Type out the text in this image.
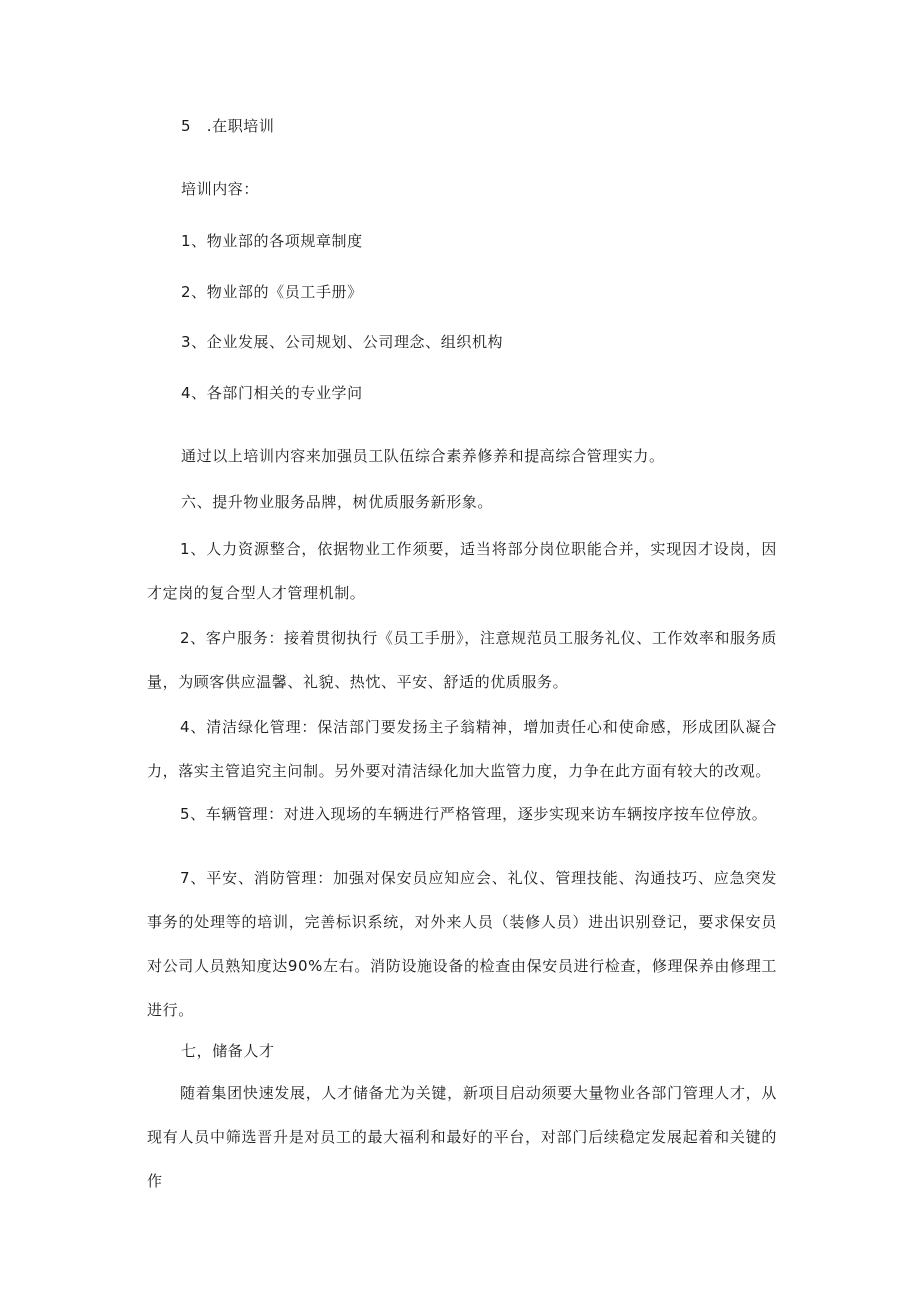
5　.在职培训
培训内容：
1、物业部的各项规章制度
2、物业部的《员工手册》
3、企业发展、公司规划、公司理念、组织机构
4、各部门相关的专业学问
通过以上培训内容来加强员工队伍综合素养修养和提高综合管理实力。
六、提升物业服务品牌，树优质服务新形象。
1、人力资源整合，依据物业工作须要，适当将部分岗位职能合并，实现因才设岗，因才定岗的复合型人才管理机制。
2、客户服务：接着贯彻执行《员工手册》，注意规范员工服务礼仪、工作效率和服务质量，为顾客供应温馨、礼貌、热忱、平安、舒适的优质服务。
4、清洁绿化管理：保洁部门要发扬主子翁精神，增加责任心和使命感，形成团队凝合力，落实主管追究主问制。另外要对清洁绿化加大监管力度，力争在此方面有较大的改观。
5、车辆管理：对进入现场的车辆进行严格管理，逐步实现来访车辆按序按车位停放。
7、平安、消防管理：加强对保安员应知应会、礼仪、管理技能、沟通技巧、应急突发事务的处理等的培训，完善标识系统，对外来人员（装修人员）进出识别登记，要求保安员对公司人员熟知度达90%左右。消防设施设备的检查由保安员进行检查，修理保养由修理工进行。
七，储备人才
随着集团快速发展，人才储备尤为关键，新项目启动须要大量物业各部门管理人才，从现有人员中筛选晋升是对员工的最大福利和最好的平台，对部门后续稳定发展起着和关键的作
